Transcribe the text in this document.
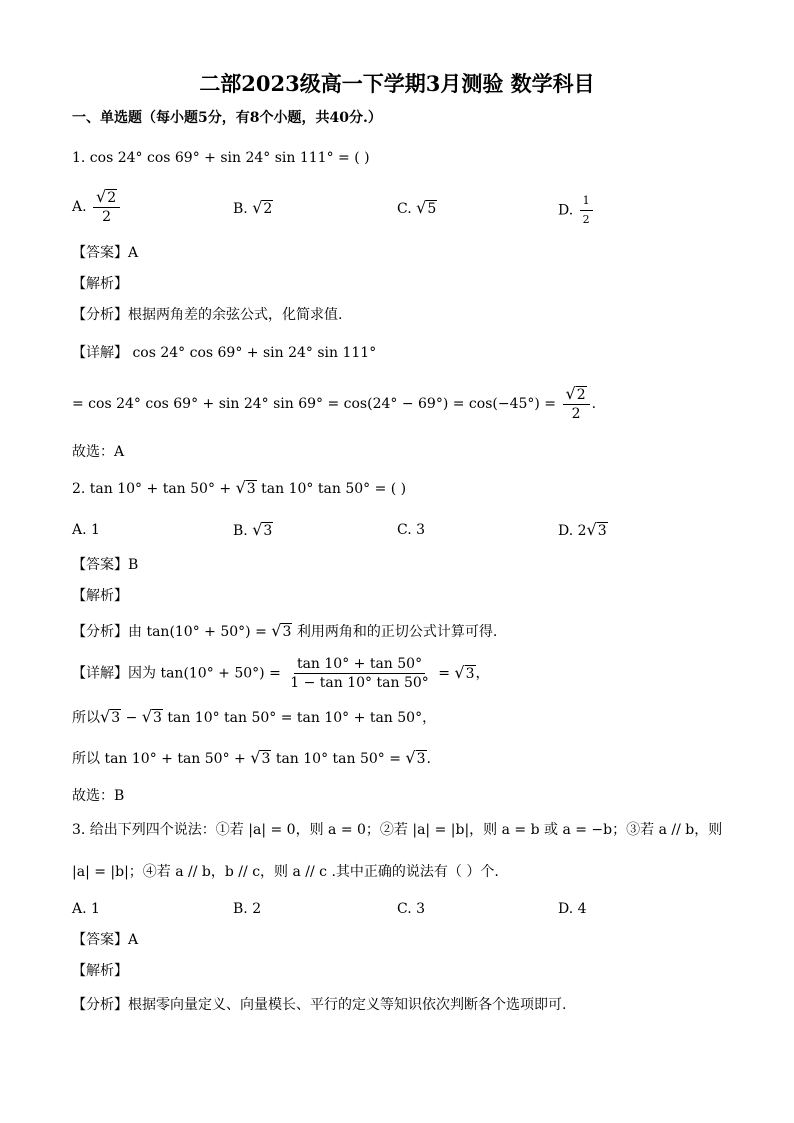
二部2023级高一下学期3月测验 数学科目
一、单选题（每小题5分，有8个小题，共40分.）
1. cos 24° cos 69° + sin 24° sin 111° = ( )
A. $\frac{√2}{2}$	B. √2	C. √5	D. $\frac{1}{2}$
【答案】A
【解析】
【分析】根据两角差的余弦公式，化简求值.
【详解】 cos 24° cos 69° + sin 24° sin 111°
= cos 24° cos 69° + sin 24° $\sin 69^\circ = \cos(24^\circ - 69^\circ) = \cos(-45^\circ) = \frac{√2}{2}$ .
故选：A
2. tan 10° + tan 50° + √3 tan 10° tan 50° = ( )
A. 1	B. √3	C. 3	D. 2√3
【答案】B
【解析】
【分析】由 tan(10° + 50°) = √3 利用两角和的正切公式计算可得.
【详解】因为 $\tan(10^\circ + 50^\circ) = \frac{\tan 10^\circ + \tan 50^\circ}{1 - \tan 10^\circ \tan 50^\circ} = √3$，
所以√3 − √3 tan 10° tan 50° = tan 10° + tan 50°，
所以 tan 10° + tan 50° + √3 tan 10° tan 50° = √3.
故选：B
3. 给出下列四个说法：①若 |a| = 0，则 a = 0；②若 |a| = |b|，则 a = b 或 a = −b；③若 a // b，则
|a| = |b|；④若 a // b，b // c，则 a // c .其中正确的说法有（ ）个.
A. 1	B. 2	C. 3	D. 4
【答案】A
【解析】
【分析】根据零向量定义、向量模长、平行的定义等知识依次判断各个选项即可.
